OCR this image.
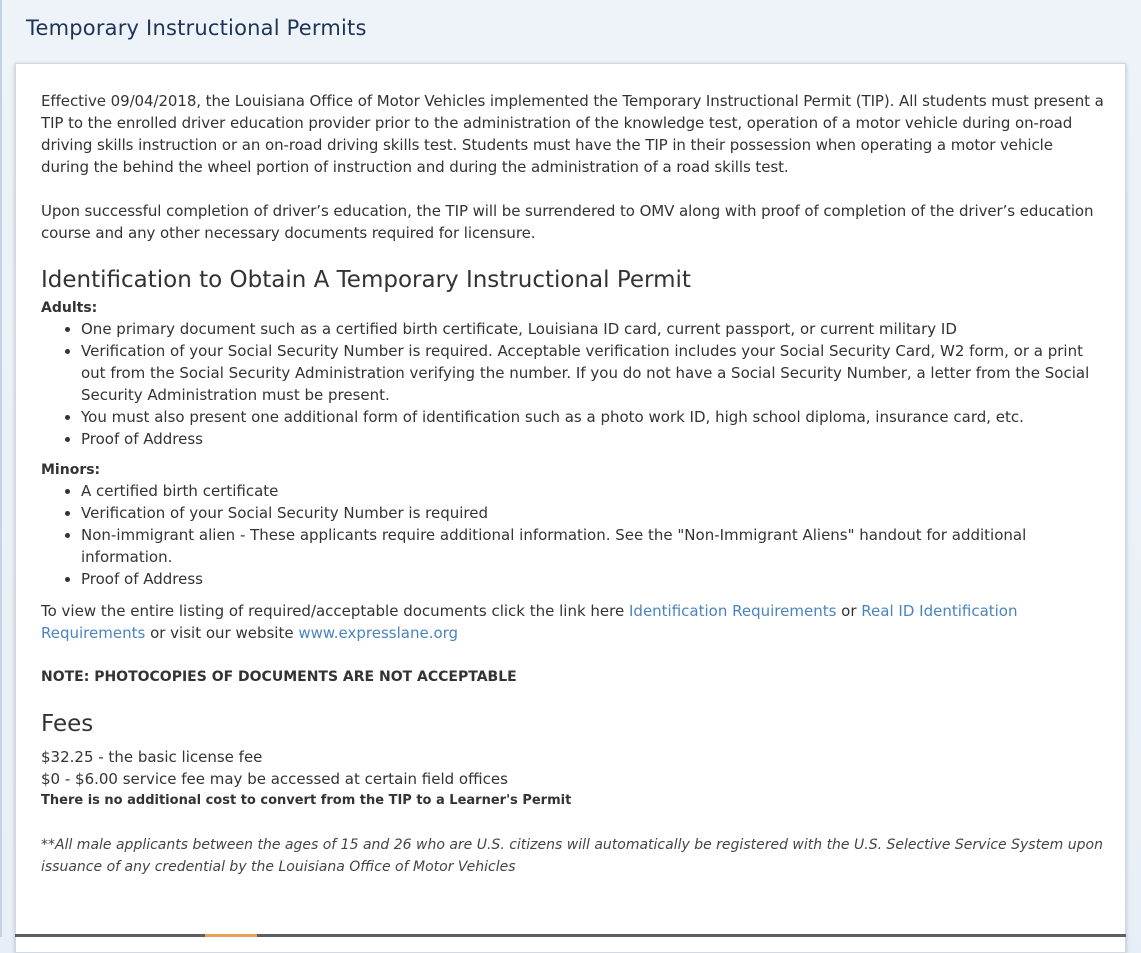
Temporary Instructional Permits

Effective 09/04/2018, the Louisiana Office of Motor Vehicles implemented the Temporary Instructional Permit (TIP). All students must present a TIP to the enrolled driver education provider prior to the administration of the knowledge test, operation of a motor vehicle during on-road driving skills instruction or an on-road driving skills test. Students must have the TIP in their possession when operating a motor vehicle during the behind the wheel portion of instruction and during the administration of a road skills test.

Upon successful completion of driver’s education, the TIP will be surrendered to OMV along with proof of completion of the driver’s education course and any other necessary documents required for licensure.

Identification to Obtain A Temporary Instructional Permit
Adults:
• One primary document such as a certified birth certificate, Louisiana ID card, current passport, or current military ID
• Verification of your Social Security Number is required. Acceptable verification includes your Social Security Card, W2 form, or a print out from the Social Security Administration verifying the number. If you do not have a Social Security Number, a letter from the Social Security Administration must be present.
• You must also present one additional form of identification such as a photo work ID, high school diploma, insurance card, etc.
• Proof of Address
Minors:
• A certified birth certificate
• Verification of your Social Security Number is required
• Non-immigrant alien - These applicants require additional information. See the "Non-Immigrant Aliens" handout for additional information.
• Proof of Address

To view the entire listing of required/acceptable documents click the link here Identification Requirements or Real ID Identification Requirements or visit our website www.expresslane.org

NOTE: PHOTOCOPIES OF DOCUMENTS ARE NOT ACCEPTABLE

Fees

$32.25 - the basic license fee

$0 - $6.00 service fee may be accessed at certain field offices

There is no additional cost to convert from the TIP to a Learner's Permit

**All male applicants between the ages of 15 and 26 who are U.S. citizens will automatically be registered with the U.S. Selective Service System upon issuance of any credential by the Louisiana Office of Motor Vehicles
